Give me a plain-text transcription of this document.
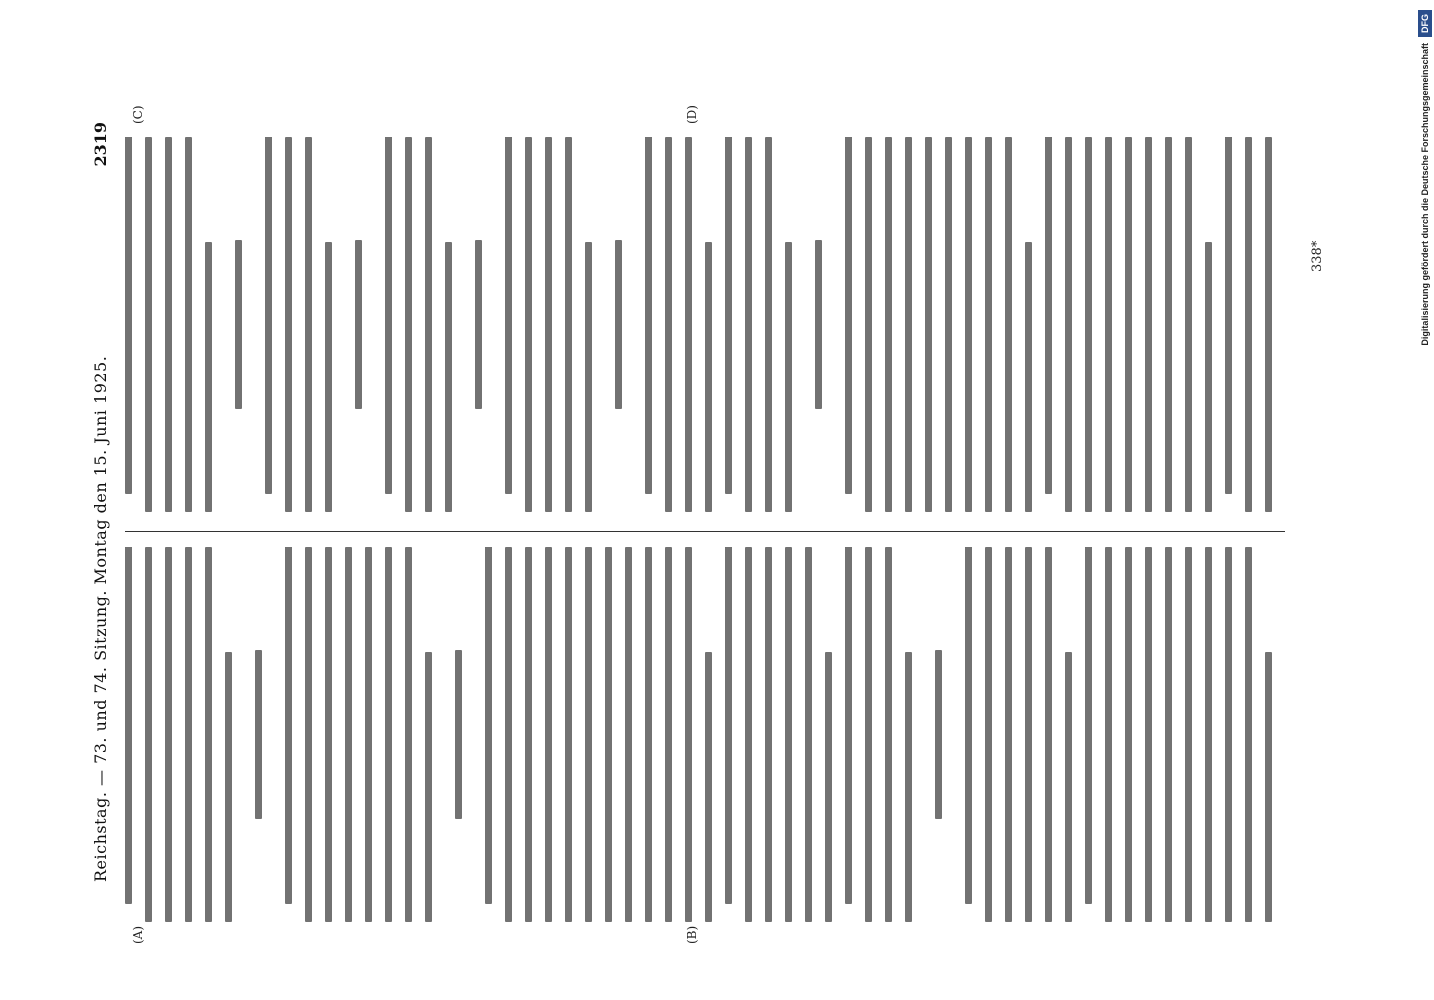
Reichstag. — 73. und 74. Sitzung. Montag den 15. Juni 1925.
2319
(A)	(B)
(C)	(D)
338*	Digitalisierung gefördert durch die Deutsche Forschungsgemeinschaft
DFG
